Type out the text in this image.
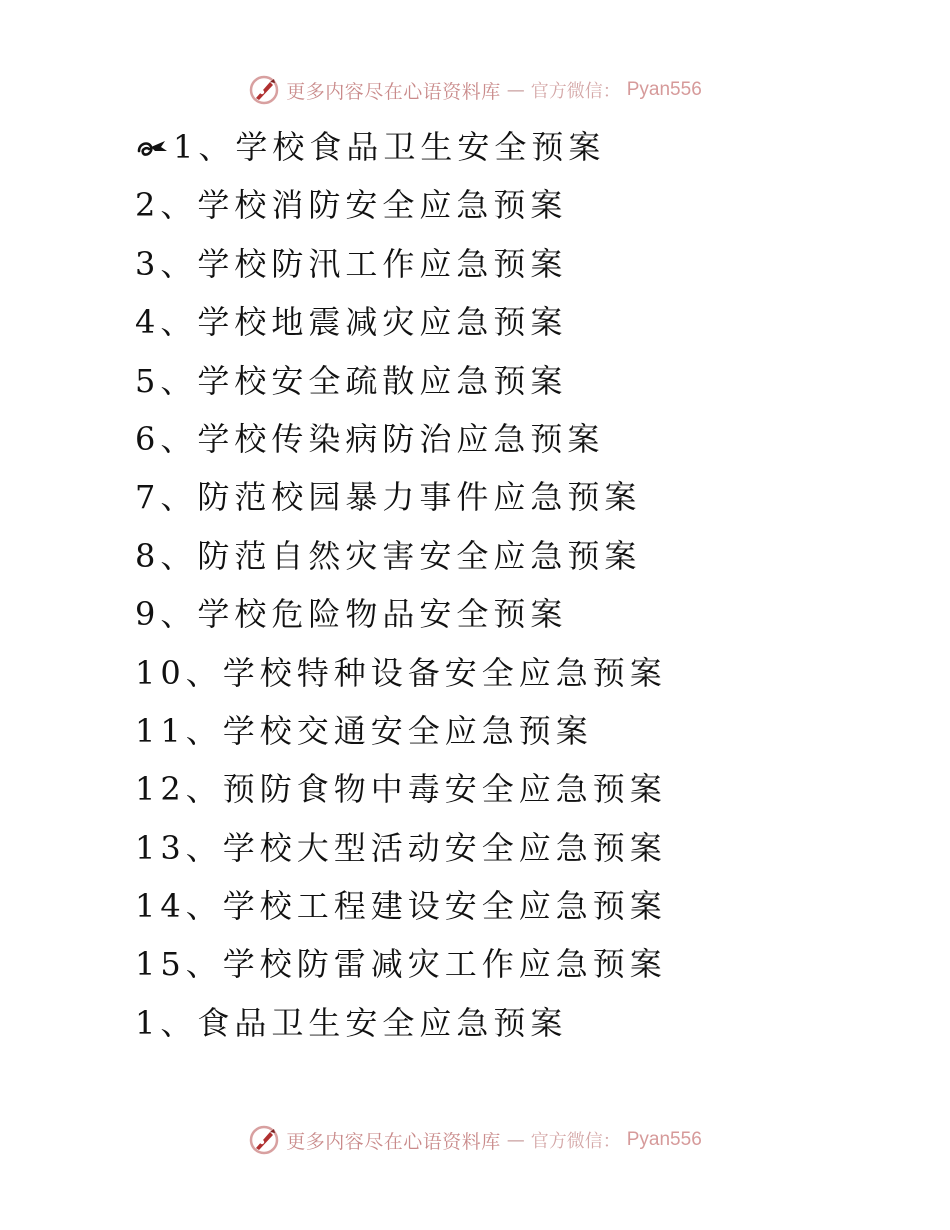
更多内容尽在心语资料库 — 官方微信： Pyan556
1 、 学校食品卫生安全预案
2 、 学校消防安全应急预案
3 、 学校防汛工作应急预案
4 、 学校地震减灾应急预案
5 、 学校安全疏散应急预案
6 、 学校传染病防治应急预案
7 、 防范校园暴力事件应急预案
8 、 防范自然灾害安全应急预案
9 、 学校危险物品安全预案
10 、 学校特种设备安全应急预案
11 、 学校交通安全应急预案
12 、 预防食物中毒安全应急预案
13 、 学校大型活动安全应急预案
14 、 学校工程建设安全应急预案
15 、 学校防雷减灾工作应急预案
1 、 食品卫生安全应急预案
更多内容尽在心语资料库 — 官方微信： Pyan556
